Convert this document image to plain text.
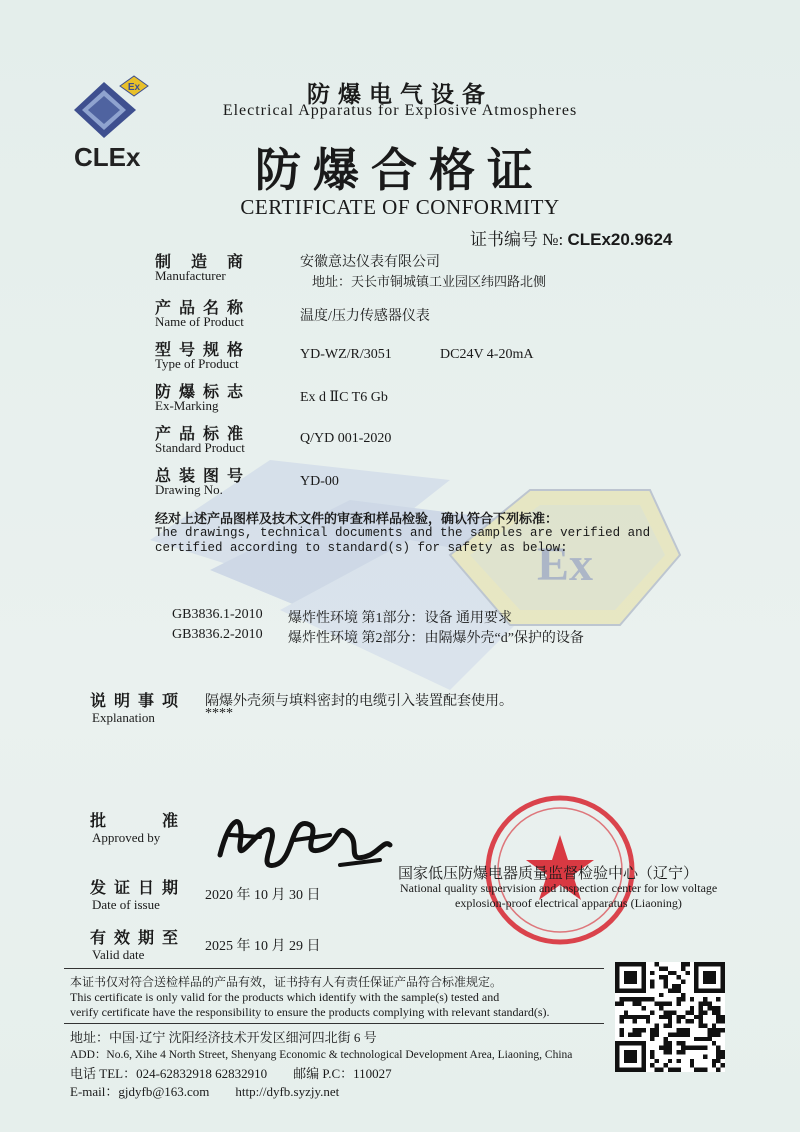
Ex
CLEx
防爆电气设备
Electrical Apparatus for Explosive Atmospheres
防爆合格证
CERTIFICATE OF CONFORMITY
证书编号 №: CLEx20.9624
Ex
制　造　商
Manufacturer
安徽意达仪表有限公司
地址：天长市铜城镇工业园区纬四路北侧
产 品 名 称
Name of Product	温度/压力传感器仪表
型 号 规 格
Type of Product
YD-WZ/R/3051	DC24V 4-20mA
防 爆 标 志
Ex-Marking
Ex d ⅡC T6 Gb
产 品 标 准
Standard Product
Q/YD 001-2020
总 装 图 号
Drawing No.
YD-00
经对上述产品图样及技术文件的审查和样品检验，确认符合下列标准：
The drawings, technical documents and the samples are verified and
certified according to standard(s) for safety as below:
GB3836.1-2010 爆炸性环境 第1部分：设备 通用要求
GB3836.2-2010 爆炸性环境 第2部分：由隔爆外壳“d”保护的设备
说 明 事 项
Explanation
隔爆外壳须与填料密封的电缆引入装置配套使用。
****
批　　　准
Approved by
国家低压防爆电器质量监督检验中心（辽宁）
National quality supervision and inspection center for low voltage
explosion-proof electrical apparatus (Liaoning)
发 证 日 期
Date of issue
2020 年 10 月 30 日
有 效 期 至
Valid date
2025 年 10 月 29 日
本证书仅对符合送检样品的产品有效，证书持有人有责任保证产品符合标准规定。
This certificate is only valid for the products which identify with the sample(s) tested and
verify certificate have the responsibility to ensure the products complying with relevant standard(s).
地址：中国·辽宁 沈阳经济技术开发区细河四北街 6 号
ADD：No.6, Xihe 4 North Street, Shenyang Economic & technological Development Area, Liaoning, China
电话 TEL：024-62832918 62832910　　邮编 P.C：110027
E-mail：gjdyfb@163.com　　http://dyfb.syzjy.net
